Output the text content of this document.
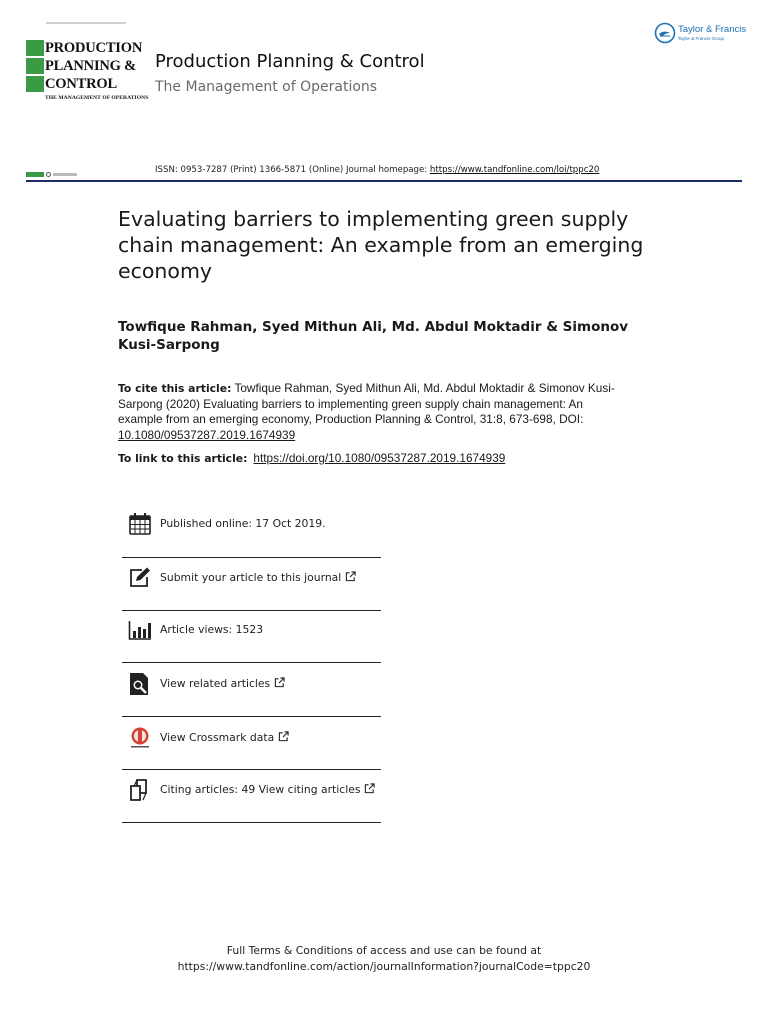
PRODUCTION
PLANNING &
CONTROL
THE MANAGEMENT OF OPERATIONS
Production Planning & Control
The Management of Operations
Taylor & Francis
Taylor & Francis Group
ISSN: 0953-7287 (Print) 1366-5871 (Online) Journal homepage: https://www.tandfonline.com/loi/tppc20
Evaluating barriers to implementing green supply chain management: An example from an emerging economy
Towfique Rahman, Syed Mithun Ali, Md. Abdul Moktadir & Simonov Kusi-Sarpong
To cite this article: Towfique Rahman, Syed Mithun Ali, Md. Abdul Moktadir & Simonov Kusi-Sarpong (2020) Evaluating barriers to implementing green supply chain management: An example from an emerging economy, Production Planning & Control, 31:8, 673-698, DOI: 10.1080/09537287.2019.1674939
To link to this article: https://doi.org/10.1080/09537287.2019.1674939
Published online: 17 Oct 2019.
Submit your article to this journal
Article views: 1523
View related articles
View Crossmark data
Citing articles: 49 View citing articles
Full Terms & Conditions of access and use can be found at
https://www.tandfonline.com/action/journalInformation?journalCode=tppc20
